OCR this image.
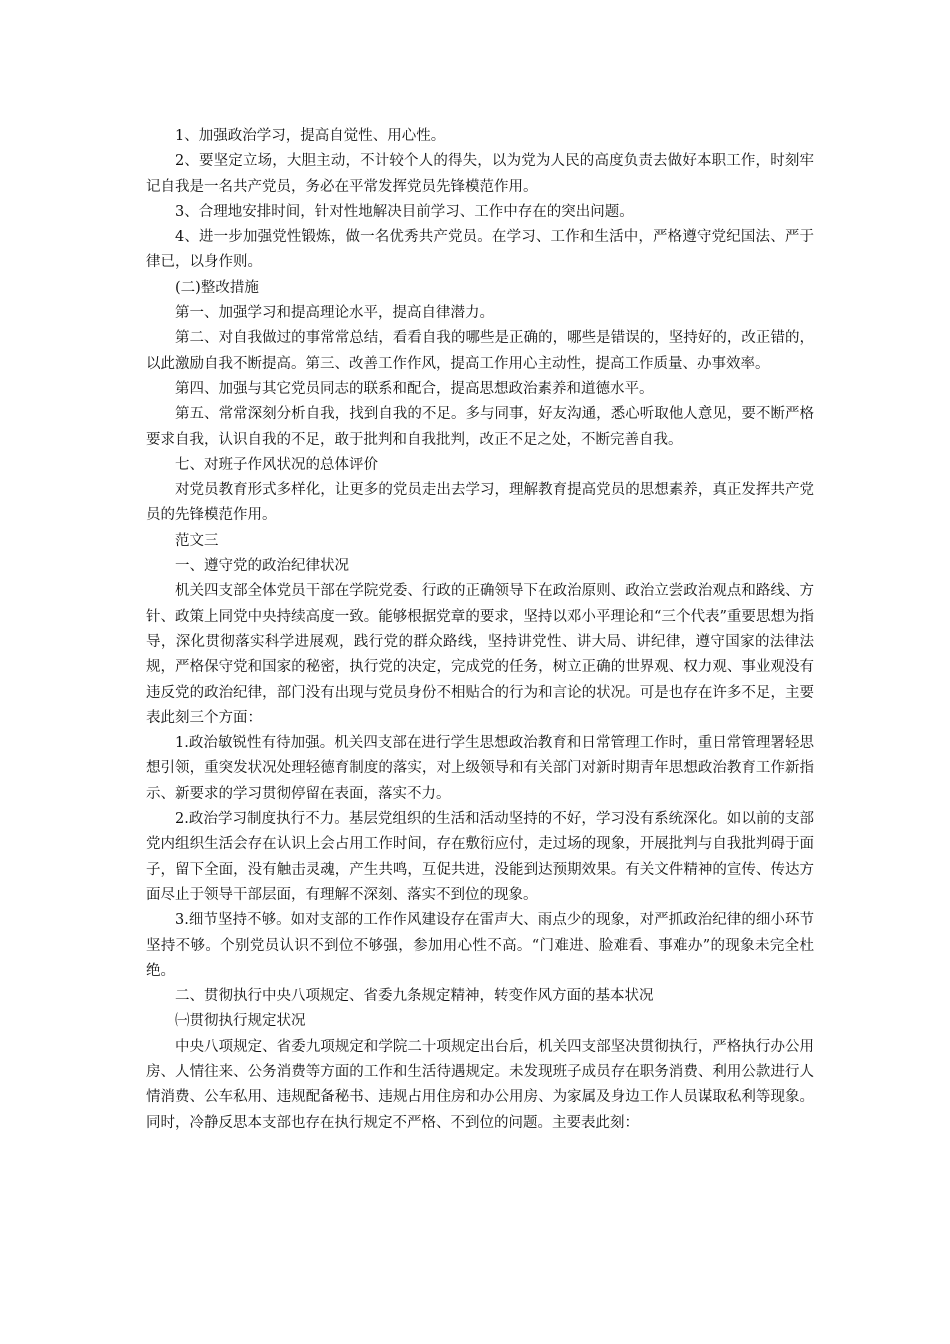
1、加强政治学习，提高自觉性、用心性。

2、要坚定立场，大胆主动，不计较个人的得失，以为党为人民的高度负责去做好本职工作，时刻牢记自我是一名共产党员，务必在平常发挥党员先锋模范作用。

3、合理地安排时间，针对性地解决目前学习、工作中存在的突出问题。

4、进一步加强党性锻炼，做一名优秀共产党员。在学习、工作和生活中，严格遵守党纪国法、严于律已，以身作则。

(二)整改措施

第一、加强学习和提高理论水平，提高自律潜力。

第二、对自我做过的事常常总结，看看自我的哪些是正确的，哪些是错误的，坚持好的，改正错的，以此激励自我不断提高。第三、改善工作作风，提高工作用心主动性，提高工作质量、办事效率。

第四、加强与其它党员同志的联系和配合，提高思想政治素养和道德水平。

第五、常常深刻分析自我，找到自我的不足。多与同事，好友沟通，悉心听取他人意见，要不断严格要求自我，认识自我的不足，敢于批判和自我批判，改正不足之处，不断完善自我。

七、对班子作风状况的总体评价

对党员教育形式多样化，让更多的党员走出去学习，理解教育提高党员的思想素养，真正发挥共产党员的先锋模范作用。

范文三

一、遵守党的政治纪律状况

机关四支部全体党员干部在学院党委、行政的正确领导下在政治原则、政治立尝政治观点和路线、方针、政策上同党中央持续高度一致。能够根据党章的要求，坚持以邓小平理论和“三个代表”重要思想为指导，深化贯彻落实科学进展观，践行党的群众路线，坚持讲党性、讲大局、讲纪律，遵守国家的法律法规，严格保守党和国家的秘密，执行党的决定，完成党的任务，树立正确的世界观、权力观、事业观没有违反党的政治纪律，部门没有出现与党员身份不相贴合的行为和言论的状况。可是也存在许多不足，主要表此刻三个方面：

1.政治敏锐性有待加强。机关四支部在进行学生思想政治教育和日常管理工作时，重日常管理署轻思想引领，重突发状况处理轻德育制度的落实，对上级领导和有关部门对新时期青年思想政治教育工作新指示、新要求的学习贯彻停留在表面，落实不力。

2.政治学习制度执行不力。基层党组织的生活和活动坚持的不好，学习没有系统深化。如以前的支部党内组织生活会存在认识上会占用工作时间，存在敷衍应付，走过场的现象，开展批判与自我批判碍于面子，留下全面，没有触击灵魂，产生共鸣，互促共进，没能到达预期效果。有关文件精神的宣传、传达方面尽止于领导干部层面，有理解不深刻、落实不到位的现象。

3.细节坚持不够。如对支部的工作作风建设存在雷声大、雨点少的现象，对严抓政治纪律的细小环节坚持不够。个别党员认识不到位不够强，参加用心性不高。“门难进、脸难看、事难办”的现象未完全杜绝。

二、贯彻执行中央八项规定、省委九条规定精神，转变作风方面的基本状况

㈠贯彻执行规定状况

中央八项规定、省委九项规定和学院二十项规定出台后，机关四支部坚决贯彻执行，严格执行办公用房、人情往来、公务消费等方面的工作和生活待遇规定。未发现班子成员存在职务消费、利用公款进行人情消费、公车私用、违规配备秘书、违规占用住房和办公用房、为家属及身边工作人员谋取私利等现象。同时，冷静反思本支部也存在执行规定不严格、不到位的问题。主要表此刻：
